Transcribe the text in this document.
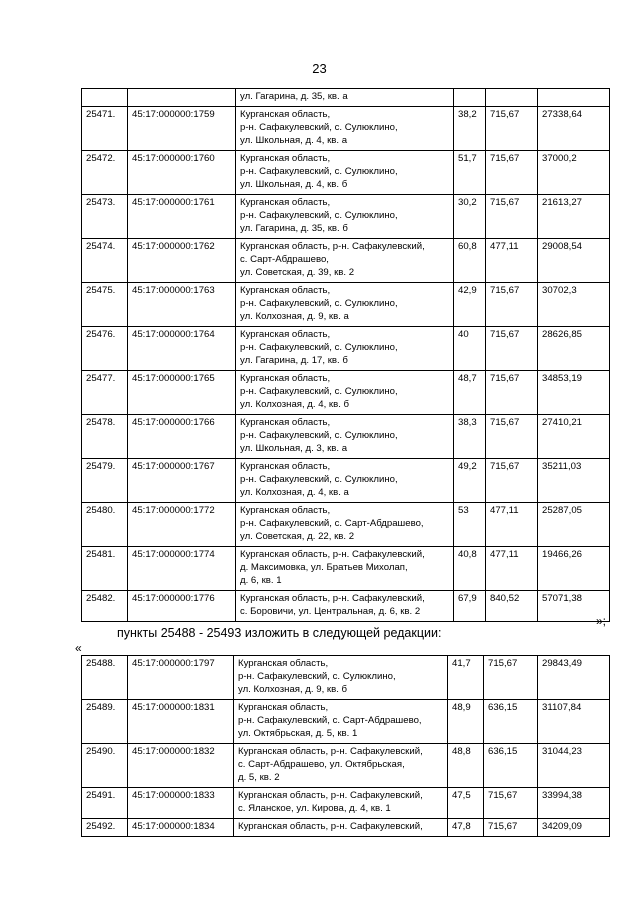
23

		ул. Гагарина, д. 35, кв. а			

25471.	45:17:000000:1759	Курганская область,
р-н. Сафакулевский, с. Сулюклино,
ул. Школьная, д. 4, кв. а	38,2	715,67	27338,64
25472.	45:17:000000:1760	Курганская область,
р-н. Сафакулевский, с. Сулюклино,
ул. Школьная, д. 4, кв. б	51,7	715,67	37000,2
25473.	45:17:000000:1761	Курганская область,
р-н. Сафакулевский, с. Сулюклино,
ул. Гагарина, д. 35, кв. б	30,2	715,67	21613,27
25474.	45:17:000000:1762	Курганская область, р-н. Сафакулевский,
с. Сарт-Абдрашево,
ул. Советская, д. 39, кв. 2	60,8	477,11	29008,54
25475.	45:17:000000:1763	Курганская область,
р-н. Сафакулевский, с. Сулюклино,
ул. Колхозная, д. 9, кв. а	42,9	715,67	30702,3
25476.	45:17:000000:1764	Курганская область,
р-н. Сафакулевский, с. Сулюклино,
ул. Гагарина, д. 17, кв. б	40	715,67	28626,85
25477.	45:17:000000:1765	Курганская область,
р-н. Сафакулевский, с. Сулюклино,
ул. Колхозная, д. 4, кв. б	48,7	715,67	34853,19
25478.	45:17:000000:1766	Курганская область,
р-н. Сафакулевский, с. Сулюклино,
ул. Школьная, д. 3, кв. а	38,3	715,67	27410,21
25479.	45:17:000000:1767	Курганская область,
р-н. Сафакулевский, с. Сулюклино,
ул. Колхозная, д. 4, кв. а	49,2	715,67	35211,03
25480.	45:17:000000:1772	Курганская область,
р-н. Сафакулевский, с. Сарт-Абдрашево,
ул. Советская, д. 22, кв. 2	53	477,11	25287,05
25481.	45:17:000000:1774	Курганская область, р-н. Сафакулевский,
д. Максимовка, ул. Братьев Михолап,
д. 6, кв. 1	40,8	477,11	19466,26
25482.	45:17:000000:1776	Курганская область, р-н. Сафакулевский,
с. Боровичи, ул. Центральная, д. 6, кв. 2	67,9	840,52	57071,38
»;
пункты 25488 - 25493 изложить в следующей редакции:
«
25488.	45:17:000000:1797	Курганская область,
р-н. Сафакулевский, с. Сулюклино,
ул. Колхозная, д. 9, кв. б	41,7	715,67	29843,49
25489.	45:17:000000:1831	Курганская область,
р-н. Сафакулевский, с. Сарт-Абдрашево,
ул. Октябрьская, д. 5, кв. 1	48,9	636,15	31107,84
25490.	45:17:000000:1832	Курганская область, р-н. Сафакулевский,
с. Сарт-Абдрашево, ул. Октябрьская,
д. 5, кв. 2	48,8	636,15	31044,23
25491.	45:17:000000:1833	Курганская область, р-н. Сафакулевский,
с. Яланское, ул. Кирова, д. 4, кв. 1	47,5	715,67	33994,38
25492.	45:17:000000:1834	Курганская область, р-н. Сафакулевский,	47,8	715,67	34209,09
